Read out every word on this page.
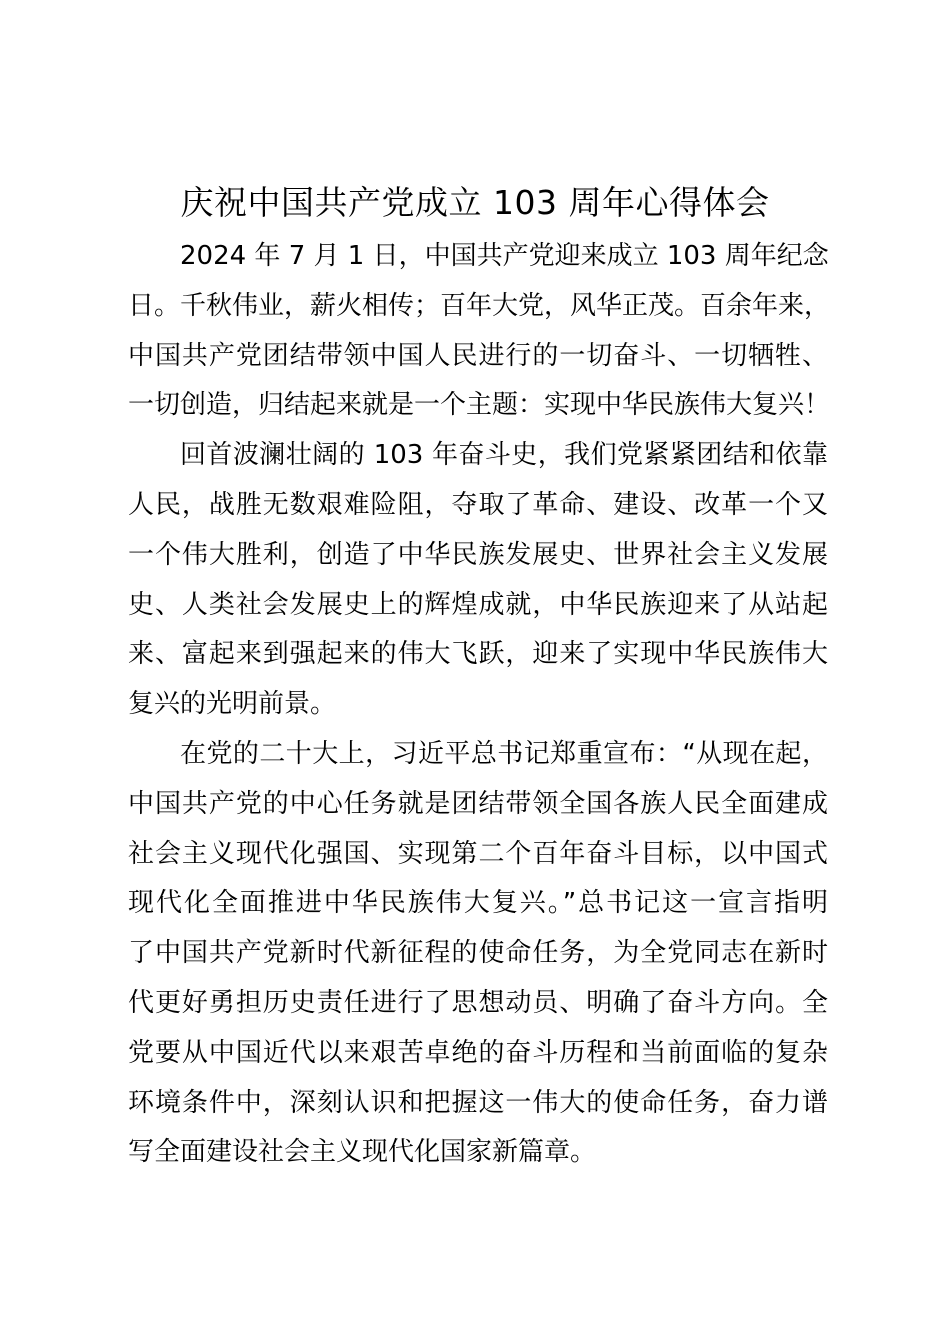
庆祝中国共产党成立 103 周年心得体会
2024 年 7 月 1 日，中国共产党迎来成立 103 周年纪念
日。千秋伟业，薪火相传；百年大党，风华正茂。百余年来，
中国共产党团结带领中国人民进行的一切奋斗、一切牺牲、
一切创造，归结起来就是一个主题：实现中华民族伟大复兴！
回首波澜壮阔的 103 年奋斗史，我们党紧紧团结和依靠
人民，战胜无数艰难险阻，夺取了革命、建设、改革一个又
一个伟大胜利，创造了中华民族发展史、世界社会主义发展
史、人类社会发展史上的辉煌成就，中华民族迎来了从站起
来、富起来到强起来的伟大飞跃，迎来了实现中华民族伟大
复兴的光明前景。
在党的二十大上，习近平总书记郑重宣布：“从现在起，
中国共产党的中心任务就是团结带领全国各族人民全面建成
社会主义现代化强国、实现第二个百年奋斗目标，以中国式
现代化全面推进中华民族伟大复兴。”总书记这一宣言指明
了中国共产党新时代新征程的使命任务，为全党同志在新时
代更好勇担历史责任进行了思想动员、明确了奋斗方向。全
党要从中国近代以来艰苦卓绝的奋斗历程和当前面临的复杂
环境条件中，深刻认识和把握这一伟大的使命任务，奋力谱
写全面建设社会主义现代化国家新篇章。
